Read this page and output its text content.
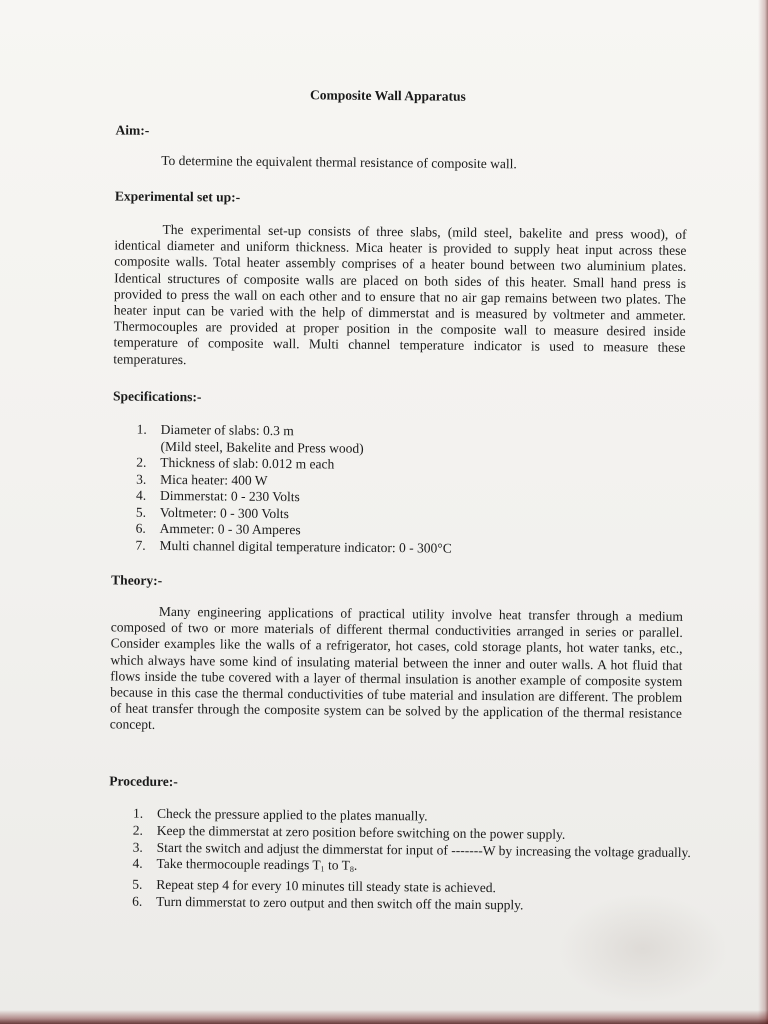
Composite Wall Apparatus
Aim:-
To determine the equivalent thermal resistance of composite wall.
Experimental set up:-

The experimental set-up consists of three slabs, (mild steel, bakelite and press wood), of identical diameter and uniform thickness. Mica heater is provided to supply heat input across these composite walls. Total heater assembly comprises of a heater bound between two aluminium plates. Identical structures of composite walls are placed on both sides of this heater. Small hand press is provided to press the wall on each other and to ensure that no air gap remains between two plates. The heater input can be varied with the help of dimmerstat and is measured by voltmeter and ammeter. Thermocouples are provided at proper position in the composite wall to measure desired inside temperature of composite wall. Multi channel temperature indicator is used to measure these temperatures.

Specifications:-
1.	Diameter of slabs: 0.3 m
(Mild steel, Bakelite and Press wood)
2.	Thickness of slab: 0.012 m each
3.	Mica heater: 400 W
4.	Dimmerstat: 0 - 230 Volts
5.	Voltmeter: 0 - 300 Volts
6.	Ammeter: 0 - 30 Amperes
7.	Multi channel digital temperature indicator: 0 - 300°C
Theory:-

Many engineering applications of practical utility involve heat transfer through a medium composed of two or more materials of different thermal conductivities arranged in series or parallel. Consider examples like the walls of a refrigerator, hot cases, cold storage plants, hot water tanks, etc., which always have some kind of insulating material between the inner and outer walls. A hot fluid that flows inside the tube covered with a layer of thermal insulation is another example of composite system because in this case the thermal conductivities of tube material and insulation are different. The problem of heat transfer through the composite system can be solved by the application of the thermal resistance concept.

Procedure:-
1.	Check the pressure applied to the plates manually.
2.	Keep the dimmerstat at zero position before switching on the power supply.
3.	Start the switch and adjust the dimmerstat for input of -------W by increasing the voltage gradually.
4.	Take thermocouple readings $T_1$ to $T_8$.
5.	Repeat step 4 for every 10 minutes till steady state is achieved.
6.	Turn dimmerstat to zero output and then switch off the main supply.
